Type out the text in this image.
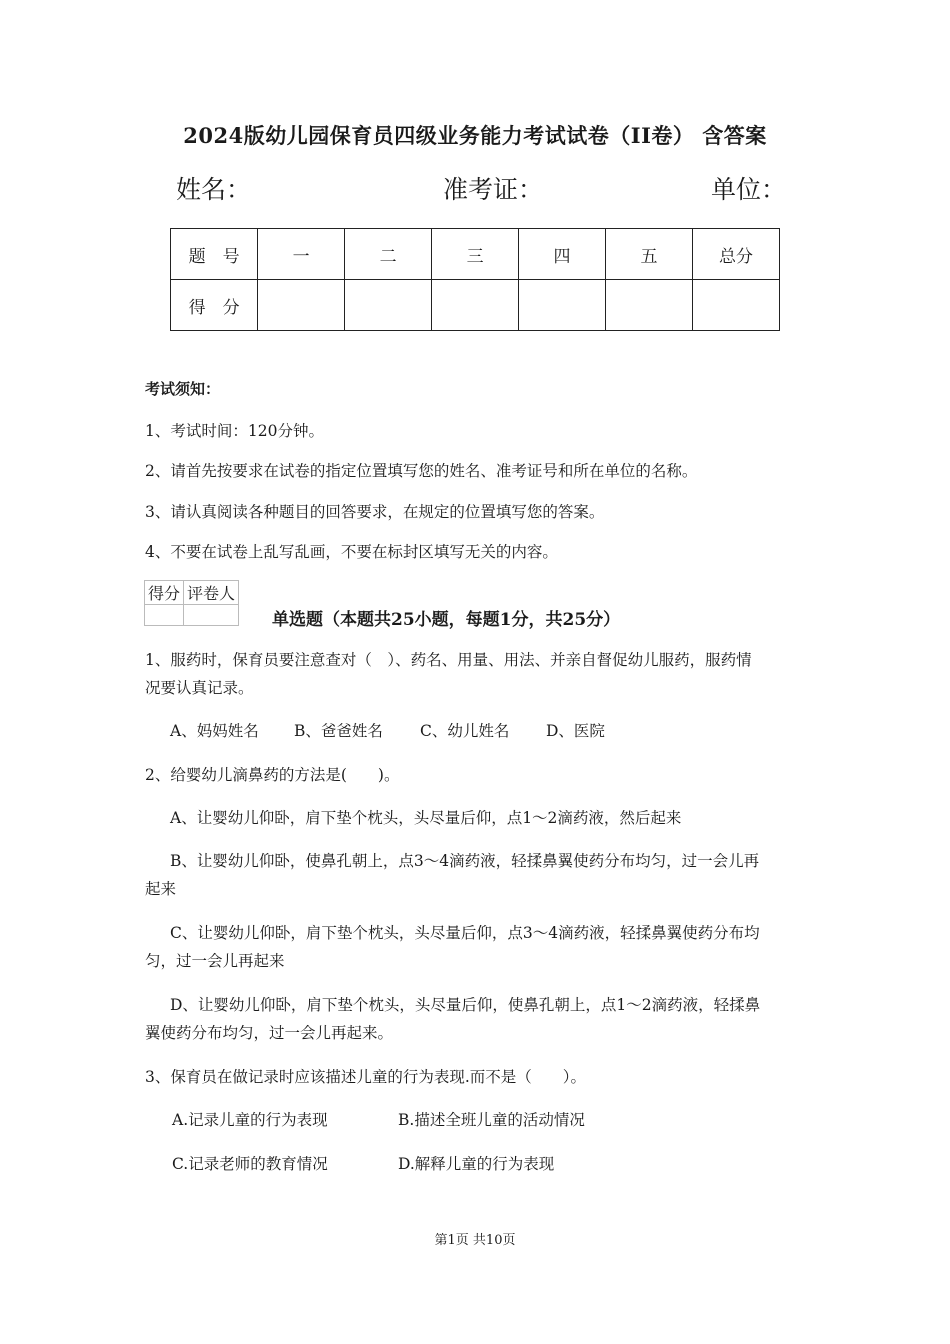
2024版幼儿园保育员四级业务能力考试试卷（II卷） 含答案
姓名：	准考证：	单位：
题　号	一	二	三	四	五	总分
得　分						
考试须知：
1、考试时间：120分钟。
2、请首先按要求在试卷的指定位置填写您的姓名、准考证号和所在单位的名称。
3、请认真阅读各种题目的回答要求，在规定的位置填写您的答案。
4、不要在试卷上乱写乱画，不要在标封区填写无关的内容。
得分	评卷人

单选题（本题共25小题，每题1分，共25分）
1、服药时，保育员要注意查对（　）、药名、用量、用法、并亲自督促幼儿服药，服药情
况要认真记录。
A、妈妈姓名 B、爸爸姓名 C、幼儿姓名 D、医院
2、给婴幼儿滴鼻药的方法是(　　)。
A、让婴幼儿仰卧，肩下垫个枕头，头尽量后仰，点1～2滴药液，然后起来
B、让婴幼儿仰卧，使鼻孔朝上，点3～4滴药液，轻揉鼻翼使药分布均匀，过一会儿再
起来
C、让婴幼儿仰卧，肩下垫个枕头，头尽量后仰，点3～4滴药液，轻揉鼻翼使药分布均
匀，过一会儿再起来
D、让婴幼儿仰卧，肩下垫个枕头，头尽量后仰，使鼻孔朝上，点1～2滴药液，轻揉鼻
翼使药分布均匀，过一会儿再起来。
3、保育员在做记录时应该描述儿童的行为表现.而不是（　　）。
A.记录儿童的行为表现	B.描述全班儿童的活动情况
C.记录老师的教育情况	D.解释儿童的行为表现
第1页 共10页
